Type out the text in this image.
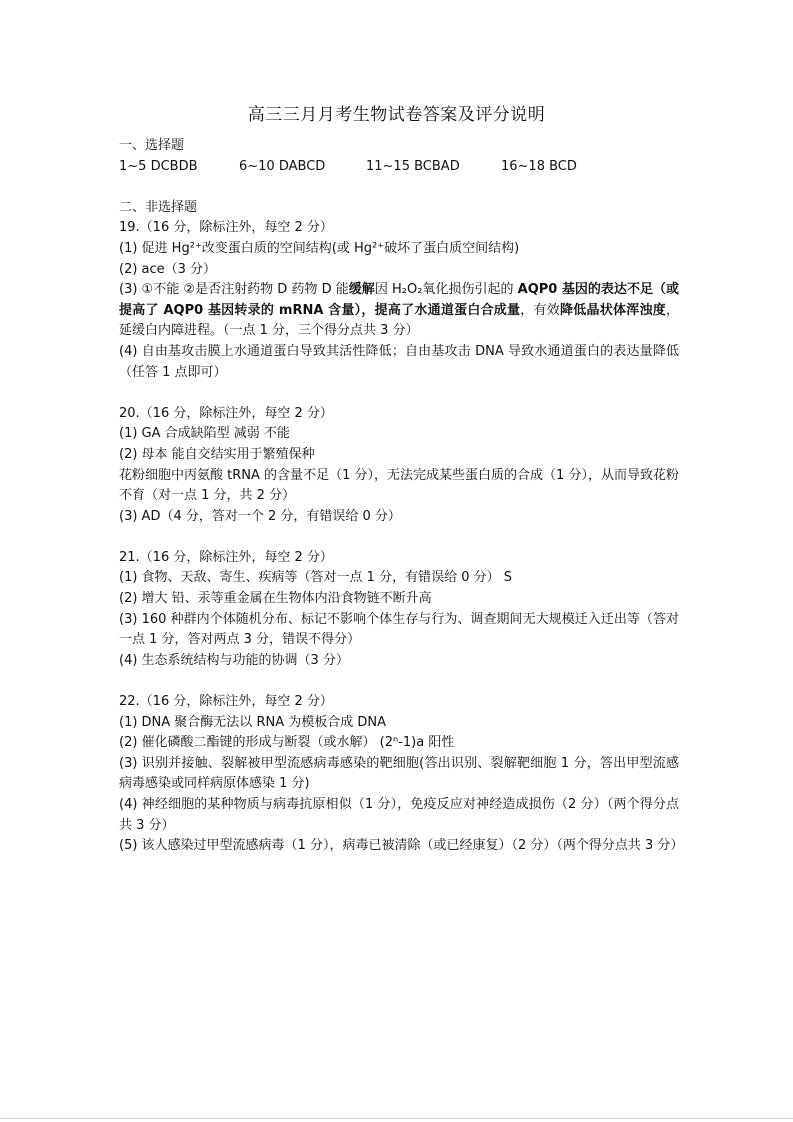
高三三月月考生物试卷答案及评分说明
一、选择题
1~5 DCBDB	6~10 DABCD	11~15 BCBAD	16~18 BCD
二、非选择题
19.（16 分，除标注外，每空 2 分）
(1) 促进 Hg²⁺改变蛋白质的空间结构(或 Hg²⁺破坏了蛋白质空间结构)
(2) ace（3 分）
(3) ①不能 ②是否注射药物 D 药物 D 能缓解因 H₂O₂氧化损伤引起的 AQP0 基因的表达不足（或提高了 AQP0 基因转录的 mRNA 含量），提高了水通道蛋白合成量，有效降低晶状体浑浊度，延缓白内障进程。（一点 1 分，三个得分点共 3 分）
(4) 自由基攻击膜上水通道蛋白导致其活性降低；自由基攻击 DNA 导致水通道蛋白的表达量降低（任答 1 点即可）
20.（16 分，除标注外，每空 2 分）
(1) GA 合成缺陷型 减弱 不能
(2) 母本 能自交结实用于繁殖保种
花粉细胞中丙氨酸 tRNA 的含量不足（1 分），无法完成某些蛋白质的合成（1 分），从而导致花粉不育（对一点 1 分，共 2 分）
(3) AD（4 分，答对一个 2 分，有错误给 0 分）
21.（16 分，除标注外，每空 2 分）
(1) 食物、天敌、寄生、疾病等（答对一点 1 分，有错误给 0 分） S
(2) 增大 铅、汞等重金属在生物体内沿食物链不断升高
(3) 160 种群内个体随机分布、标记不影响个体生存与行为、调查期间无大规模迁入迁出等（答对一点 1 分，答对两点 3 分，错误不得分）
(4) 生态系统结构与功能的协调（3 分）
22.（16 分，除标注外，每空 2 分）
(1) DNA 聚合酶无法以 RNA 为模板合成 DNA
(2) 催化磷酸二酯键的形成与断裂（或水解） (2ⁿ-1)a 阳性
(3) 识别并接触、裂解被甲型流感病毒感染的靶细胞(答出识别、裂解靶细胞 1 分，答出甲型流感病毒感染或同样病原体感染 1 分)
(4) 神经细胞的某种物质与病毒抗原相似（1 分），免疫反应对神经造成损伤（2 分）（两个得分点共 3 分）
(5) 该人感染过甲型流感病毒（1 分），病毒已被清除（或已经康复）（2 分）（两个得分点共 3 分）
